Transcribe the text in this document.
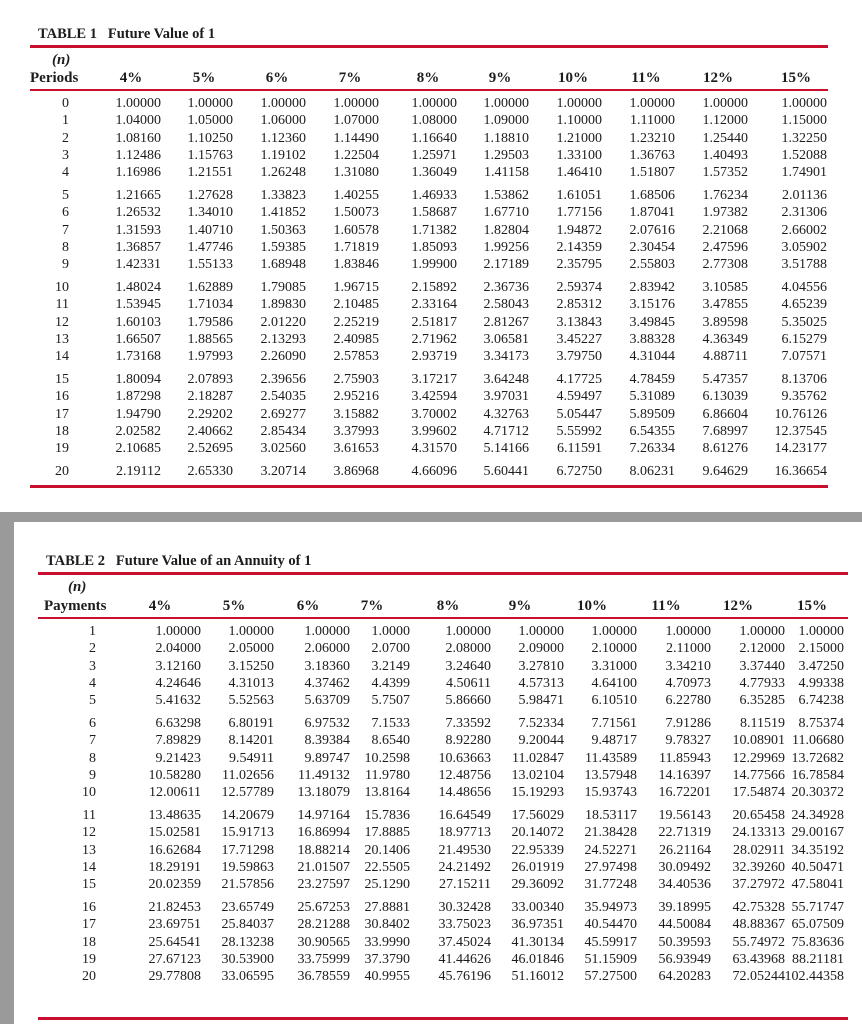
TABLE 1 Future Value of 1
(n)
Periods	4%	5%	6%	7%	8%	9%	10%	11%	12%	15%
0	1.00000	1.00000	1.00000	1.00000	1.00000	1.00000	1.00000	1.00000	1.00000	1.00000
1	1.04000	1.05000	1.06000	1.07000	1.08000	1.09000	1.10000	1.11000	1.12000	1.15000
2	1.08160	1.10250	1.12360	1.14490	1.16640	1.18810	1.21000	1.23210	1.25440	1.32250
3	1.12486	1.15763	1.19102	1.22504	1.25971	1.29503	1.33100	1.36763	1.40493	1.52088
4	1.16986	1.21551	1.26248	1.31080	1.36049	1.41158	1.46410	1.51807	1.57352	1.74901
5	1.21665	1.27628	1.33823	1.40255	1.46933	1.53862	1.61051	1.68506	1.76234	2.01136
6	1.26532	1.34010	1.41852	1.50073	1.58687	1.67710	1.77156	1.87041	1.97382	2.31306
7	1.31593	1.40710	1.50363	1.60578	1.71382	1.82804	1.94872	2.07616	2.21068	2.66002
8	1.36857	1.47746	1.59385	1.71819	1.85093	1.99256	2.14359	2.30454	2.47596	3.05902
9	1.42331	1.55133	1.68948	1.83846	1.99900	2.17189	2.35795	2.55803	2.77308	3.51788
10	1.48024	1.62889	1.79085	1.96715	2.15892	2.36736	2.59374	2.83942	3.10585	4.04556
11	1.53945	1.71034	1.89830	2.10485	2.33164	2.58043	2.85312	3.15176	3.47855	4.65239
12	1.60103	1.79586	2.01220	2.25219	2.51817	2.81267	3.13843	3.49845	3.89598	5.35025
13	1.66507	1.88565	2.13293	2.40985	2.71962	3.06581	3.45227	3.88328	4.36349	6.15279
14	1.73168	1.97993	2.26090	2.57853	2.93719	3.34173	3.79750	4.31044	4.88711	7.07571
15	1.80094	2.07893	2.39656	2.75903	3.17217	3.64248	4.17725	4.78459	5.47357	8.13706
16	1.87298	2.18287	2.54035	2.95216	3.42594	3.97031	4.59497	5.31089	6.13039	9.35762
17	1.94790	2.29202	2.69277	3.15882	3.70002	4.32763	5.05447	5.89509	6.86604	10.76126
18	2.02582	2.40662	2.85434	3.37993	3.99602	4.71712	5.55992	6.54355	7.68997	12.37545
19	2.10685	2.52695	3.02560	3.61653	4.31570	5.14166	6.11591	7.26334	8.61276	14.23177
20	2.19112	2.65330	3.20714	3.86968	4.66096	5.60441	6.72750	8.06231	9.64629	16.36654
TABLE 2 Future Value of an Annuity of 1
(n)
Payments	4%	5%	6%	7%	8%	9%	10%	11%	12%	15%
1	1.00000	1.00000	1.00000	1.0000	1.00000	1.00000	1.00000	1.00000	1.00000 1.00000
2	2.04000	2.05000	2.06000	2.0700	2.08000	2.09000	2.10000	2.11000	2.12000 2.15000
3	3.12160	3.15250	3.18360	3.2149	3.24640	3.27810	3.31000	3.34210	3.37440 3.47250
4	4.24646	4.31013	4.37462	4.4399	4.50611	4.57313	4.64100	4.70973	4.77933 4.99338
5	5.41632	5.52563	5.63709	5.7507	5.86660	5.98471	6.10510	6.22780	6.35285 6.74238
6	6.63298	6.80191	6.97532	7.1533	7.33592	7.52334	7.71561	7.91286	8.11519 8.75374
7	7.89829	8.14201	8.39384	8.6540	8.92280	9.20044	9.48717	9.78327	10.08901 11.06680
8	9.21423	9.54911	9.89747	10.2598	10.63663	11.02847	11.43589	11.85943	12.29969 13.72682
9	10.58280	11.02656	11.49132	11.9780	12.48756	13.02104	13.57948	14.16397	14.77566 16.78584
10	12.00611	12.57789	13.18079	13.8164	14.48656	15.19293	15.93743	16.72201	17.54874 20.30372
11	13.48635	14.20679	14.97164	15.7836	16.64549	17.56029	18.53117	19.56143	20.65458 24.34928
12	15.02581	15.91713	16.86994	17.8885	18.97713	20.14072	21.38428	22.71319	24.13313 29.00167
13	16.62684	17.71298	18.88214	20.1406	21.49530	22.95339	24.52271	26.21164	28.02911 34.35192
14	18.29191	19.59863	21.01507	22.5505	24.21492	26.01919	27.97498	30.09492	32.39260 40.50471
15	20.02359	21.57856	23.27597	25.1290	27.15211	29.36092	31.77248	34.40536	37.27972 47.58041
16	21.82453	23.65749	25.67253	27.8881	30.32428	33.00340	35.94973	39.18995	42.75328 55.71747
17	23.69751	25.84037	28.21288	30.8402	33.75023	36.97351	40.54470	44.50084	48.88367 65.07509
18	25.64541	28.13238	30.90565	33.9990	37.45024	41.30134	45.59917	50.39593	55.74972 75.83636
19	27.67123	30.53900	33.75999	37.3790	41.44626	46.01846	51.15909	56.93949	63.43968 88.21181
20	29.77808	33.06595	36.78559	40.9955	45.76196	51.16012	57.27500	64.20283	72.05244 102.44358
